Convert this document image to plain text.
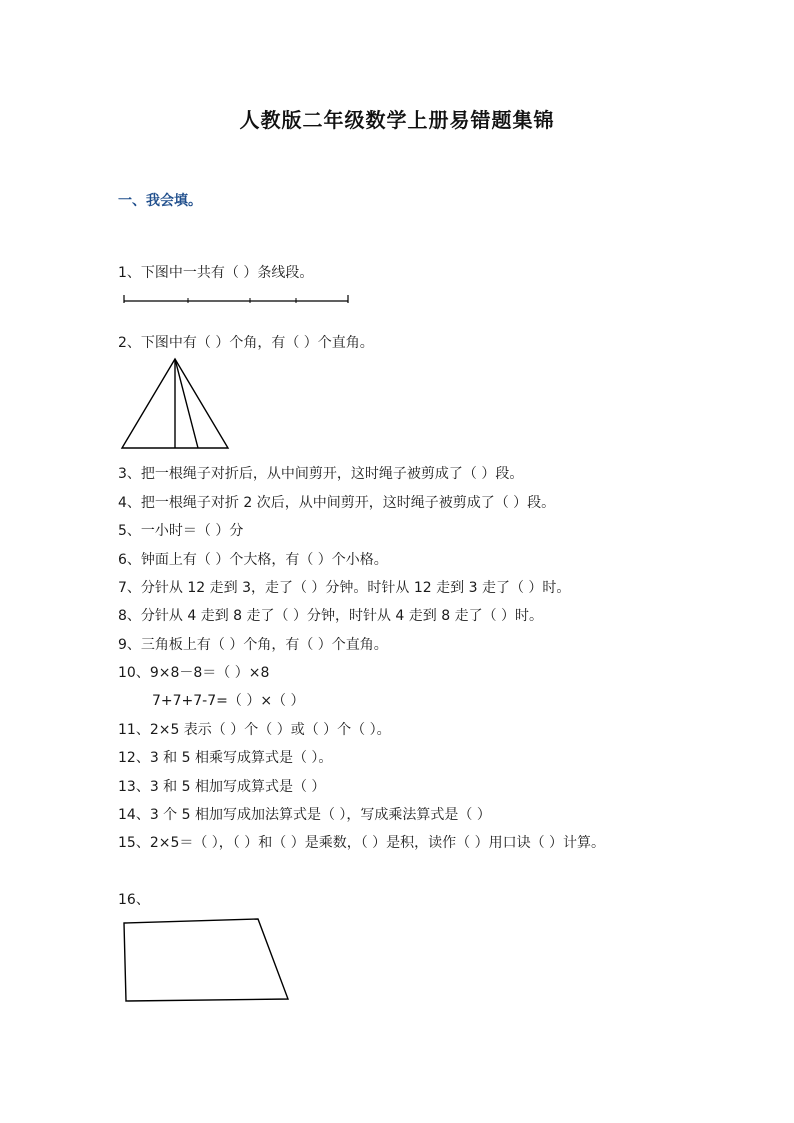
人教版二年级数学上册易错题集锦
一、我会填。
1、下图中一共有（ ）条线段。
2、下图中有（ ）个角，有（ ）个直角。
3、把一根绳子对折后，从中间剪开，这时绳子被剪成了（ ）段。
4、把一根绳子对折 2 次后，从中间剪开，这时绳子被剪成了（ ）段。
5、一小时＝（ ）分
6、钟面上有（ ）个大格，有（ ）个小格。
7、分针从 12 走到 3，走了（ ）分钟。时针从 12 走到 3 走了（ ）时。
8、分针从 4 走到 8 走了（ ）分钟，时针从 4 走到 8 走了（ ）时。
9、三角板上有（ ）个角，有（ ）个直角。
10、9×8－8＝（ ）×8
7+7+7-7=（ ）×（ ）
11、2×5 表示（ ）个（ ）或（ ）个（ ）。
12、3 和 5 相乘写成算式是（ ）。
13、3 和 5 相加写成算式是（ ）
14、3 个 5 相加写成加法算式是（ ），写成乘法算式是（ ）
15、2×5＝（ ），（ ）和（ ）是乘数，（ ）是积，读作（ ）用口诀（ ）计算。
16、
